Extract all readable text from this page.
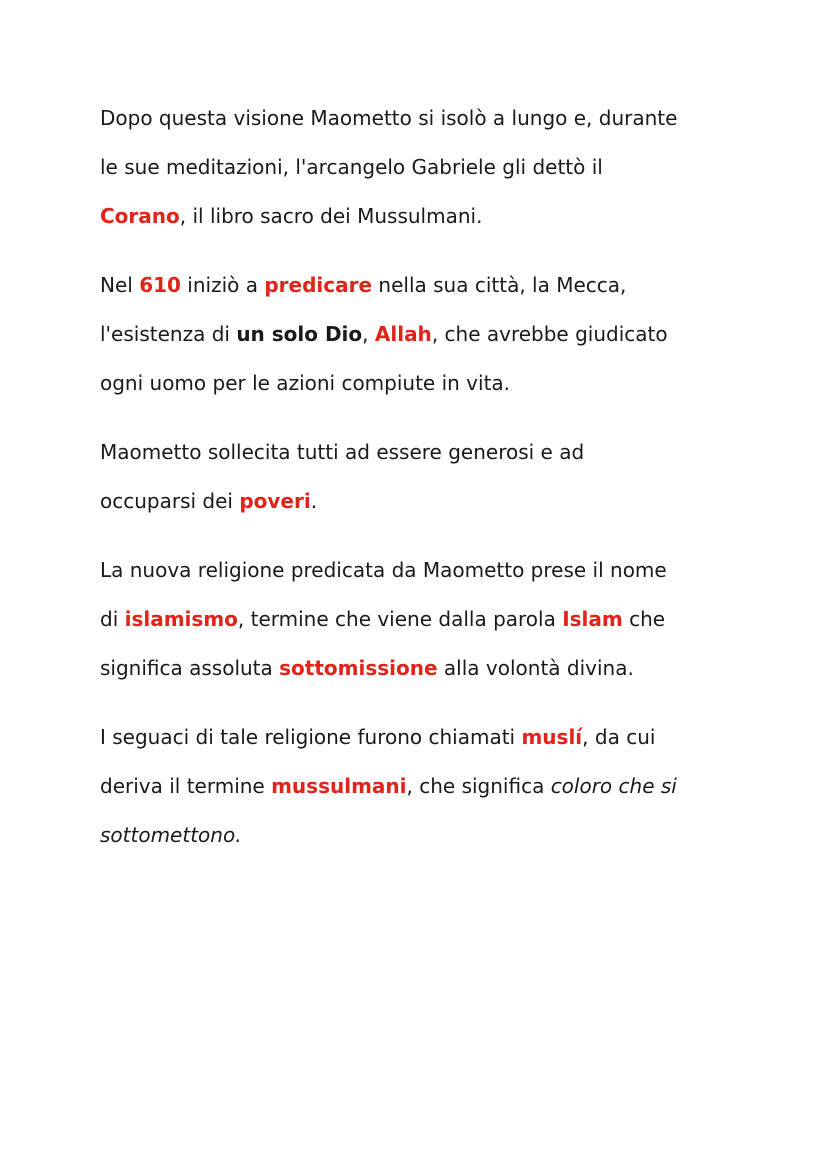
Dopo questa visione Maometto si isolò a lungo e, durante
le sue meditazioni, l'arcangelo Gabriele gli dettò il
Corano, il libro sacro dei Mussulmani.

Nel 610 iniziò a predicare nella sua città, la Mecca,
l'esistenza di un solo Dio, Allah, che avrebbe giudicato
ogni uomo per le azioni compiute in vita.

Maometto sollecita tutti ad essere generosi e ad
occuparsi dei poveri.

La nuova religione predicata da Maometto prese il nome
di islamismo, termine che viene dalla parola Islam che
significa assoluta sottomissione alla volontà divina.

I seguaci di tale religione furono chiamati muslí, da cui
deriva il termine mussulmani, che significa coloro che si
sottomettono.
